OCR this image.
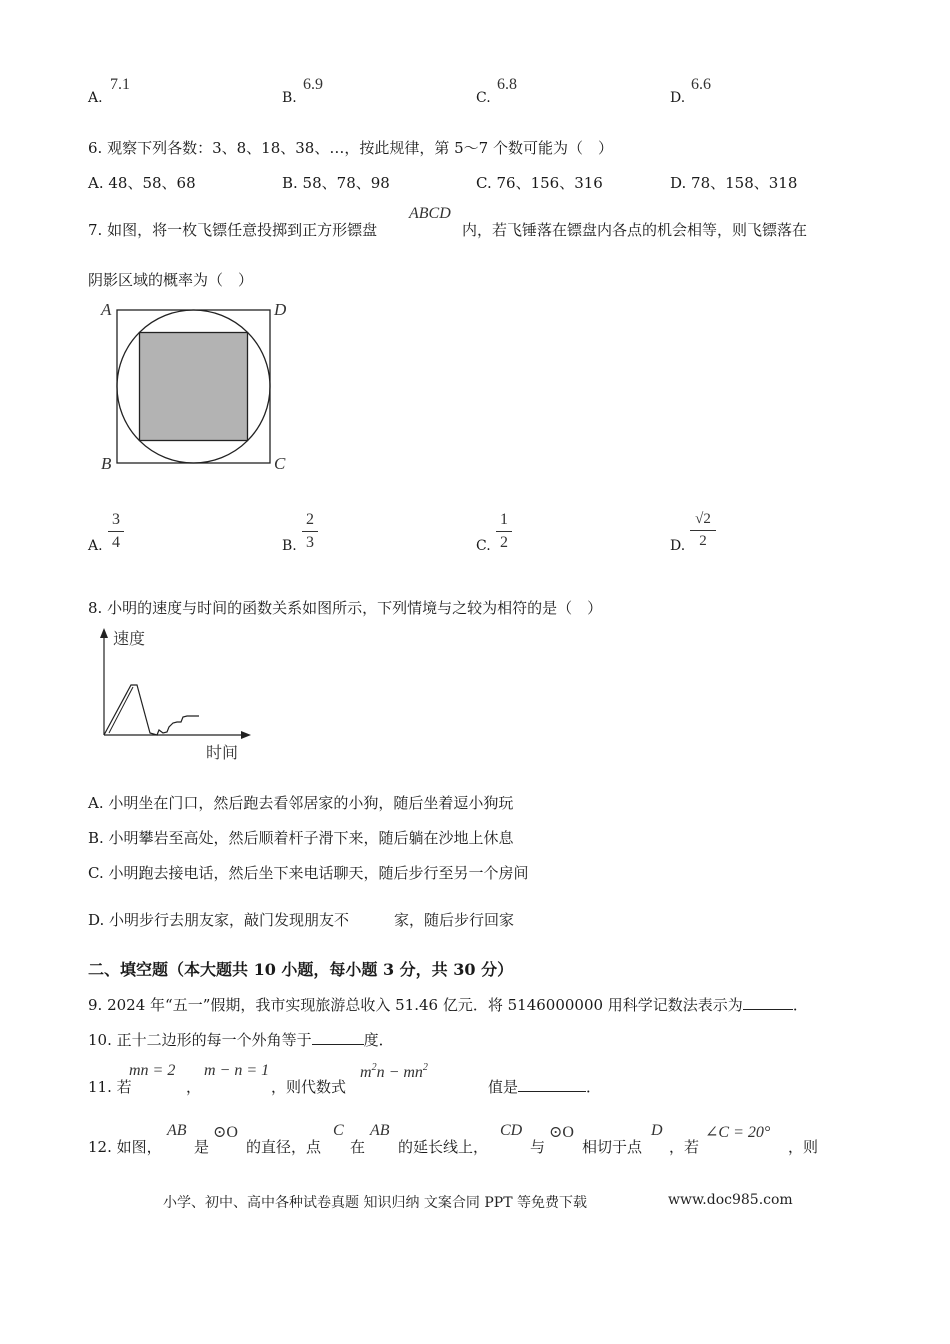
A.
7.1
B.
6.9
C.
6.8
D.
6.6
6. 观察下列各数：3、8、18、38、…，按此规律，第 5～7 个数可能为（　）
A. 48、58、68	B. 58、78、98	C. 76、156、316	D. 78、158、318
7. 如图，将一枚飞镖任意投掷到正方形镖盘
ABCD
内，若飞锤落在镖盘内各点的机会相等，则飞镖落在
阴影区域的概率为（　）
A	D
B	C
A.
3
4	B.
2
3	C.
1
2	D.
√2
2
8. 小明的速度与时间的函数关系如图所示，下列情境与之较为相符的是（　）
速度
时间
A. 小明坐在门口，然后跑去看邻居家的小狗，随后坐着逗小狗玩
B. 小明攀岩至高处，然后顺着杆子滑下来，随后躺在沙地上休息
C. 小明跑去接电话，然后坐下来电话聊天，随后步行至另一个房间
D. 小明步行去朋友家，敲门发现朋友不　　　家，随后步行回家
二、填空题（本大题共 10 小题，每小题 3 分，共 30 分）
9. 2024 年“五一”假期，我市实现旅游总收入 51.46 亿元．将 5146000000 用科学记数法表示为	．
10. 正十二边形的每一个外角等于	度．
11. 若
mn = 2
，
m − n = 1
，则代数式
$m^2n - mn^2$
值是	．
12. 如图，
AB
是
⊙O
的直径，点
C
在
AB
的延长线上，
CD
与
⊙O
相切于点
D
，若
∠C = 20°
，则
小学、初中、高中各种试卷真题 知识归纳 文案合同 PPT 等免费下载	www.doc985.com
